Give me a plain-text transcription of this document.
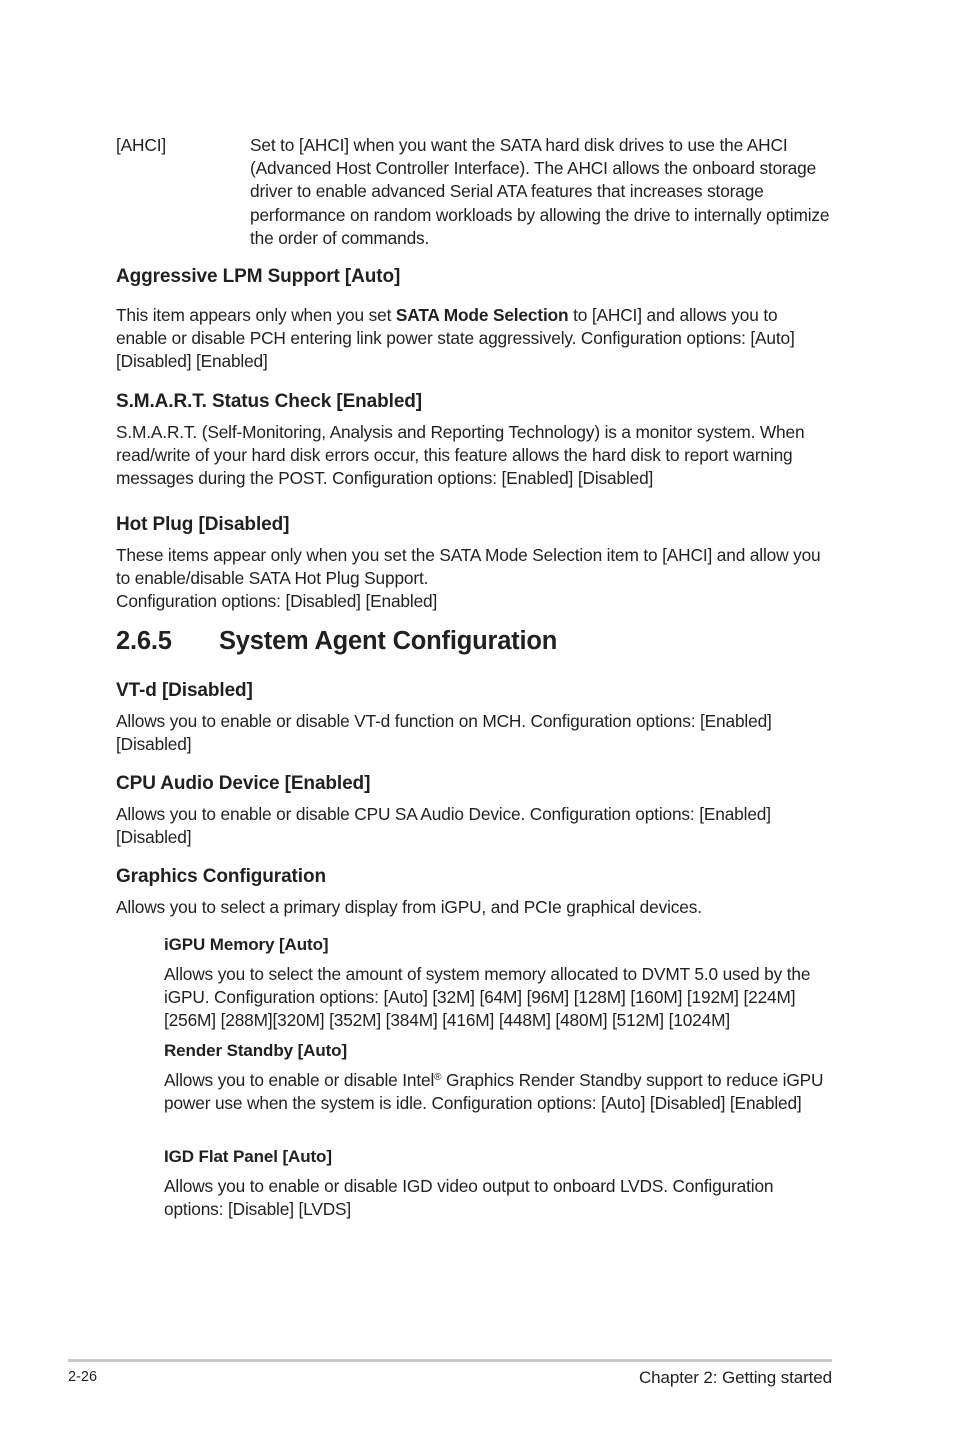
[AHCI]	Set to [AHCI] when you want the SATA hard disk drives to use the AHCI (Advanced Host Controller Interface). The AHCI allows the onboard storage driver to enable advanced Serial ATA features that increases storage performance on random workloads by allowing the drive to internally optimize the order of commands.

Aggressive LPM Support [Auto]

This item appears only when you set SATA Mode Selection to [AHCI] and allows you to enable or disable PCH entering link power state aggressively. Configuration options: [Auto] [Disabled] [Enabled]

S.M.A.R.T. Status Check [Enabled]

S.M.A.R.T. (Self-Monitoring, Analysis and Reporting Technology) is a monitor system. When read/write of your hard disk errors occur, this feature allows the hard disk to report warning messages during the POST. Configuration options: [Enabled] [Disabled]

Hot Plug [Disabled]

These items appear only when you set the SATA Mode Selection item to [AHCI] and allow you to enable/disable SATA Hot Plug Support.
Configuration options: [Disabled] [Enabled]

2.6.5 System Agent Configuration
VT-d [Disabled]

Allows you to enable or disable VT-d function on MCH. Configuration options: [Enabled] [Disabled]

CPU Audio Device [Enabled]

Allows you to enable or disable CPU SA Audio Device. Configuration options: [Enabled] [Disabled]

Graphics Configuration

Allows you to select a primary display from iGPU, and PCIe graphical devices.

iGPU Memory [Auto]

Allows you to select the amount of system memory allocated to DVMT 5.0 used by the iGPU. Configuration options: [Auto] [32M] [64M] [96M] [128M] [160M] [192M] [224M] [256M] [288M][320M] [352M] [384M] [416M] [448M] [480M] [512M] [1024M]

Render Standby [Auto]

Allows you to enable or disable Intel® Graphics Render Standby support to reduce iGPU power use when the system is idle. Configuration options: [Auto] [Disabled] [Enabled]

IGD Flat Panel [Auto]

Allows you to enable or disable IGD video output to onboard LVDS. Configuration options: [Disable] [LVDS]

2-26	Chapter 2: Getting started
